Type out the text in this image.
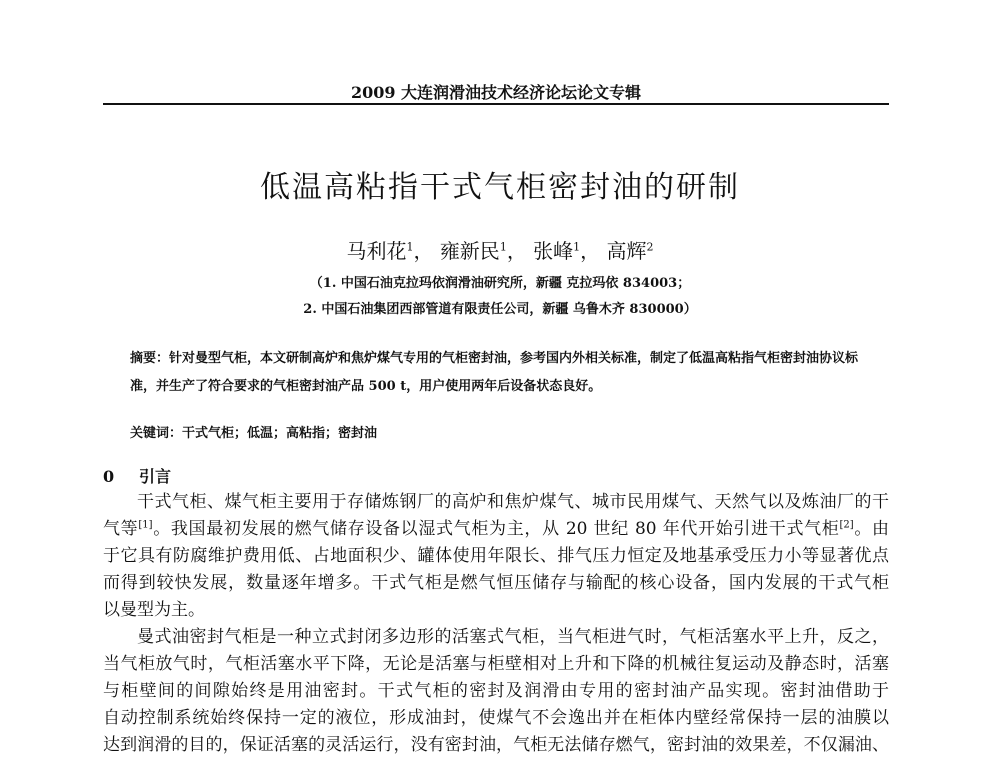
2009 大连润滑油技术经济论坛论文专辑
低温高粘指干式气柜密封油的研制
马利花$^1$， 雍新民$^1$， 张峰$^1$， 高辉$^2$
（1. 中国石油克拉玛依润滑油研究所，新疆 克拉玛依 834003；
2. 中国石油集团西部管道有限责任公司，新疆 乌鲁木齐 830000）
摘要：针对曼型气柜，本文研制高炉和焦炉煤气专用的气柜密封油，参考国内外相关标准，制定了低温高粘指气柜密封油协议标准，并生产了符合要求的气柜密封油产品 500 t，用户使用两年后设备状态良好。
关键词：干式气柜；低温；高粘指；密封油
0 引言
干式气柜、煤气柜主要用于存储炼钢厂的高炉和焦炉煤气、城市民用煤气、天然气以及炼油厂的干
气等[1]。我国最初发展的燃气储存设备以湿式气柜为主，从 20 世纪 80 年代开始引进干式气柜[2]。由
于它具有防腐维护费用低、占地面积少、罐体使用年限长、排气压力恒定及地基承受压力小等显著优点
而得到较快发展，数量逐年增多。干式气柜是燃气恒压储存与输配的核心设备，国内发展的干式气柜
以曼型为主。
曼式油密封气柜是一种立式封闭多边形的活塞式气柜，当气柜进气时，气柜活塞水平上升，反之，
当气柜放气时，气柜活塞水平下降，无论是活塞与柜壁相对上升和下降的机械往复运动及静态时，活塞
与柜壁间的间隙始终是用油密封。干式气柜的密封及润滑由专用的密封油产品实现。密封油借助于
自动控制系统始终保持一定的液位，形成油封，使煤气不会逸出并在柜体内壁经常保持一层的油膜以
达到润滑的目的，保证活塞的灵活运行，没有密封油，气柜无法储存燃气，密封油的效果差，不仅漏油、
